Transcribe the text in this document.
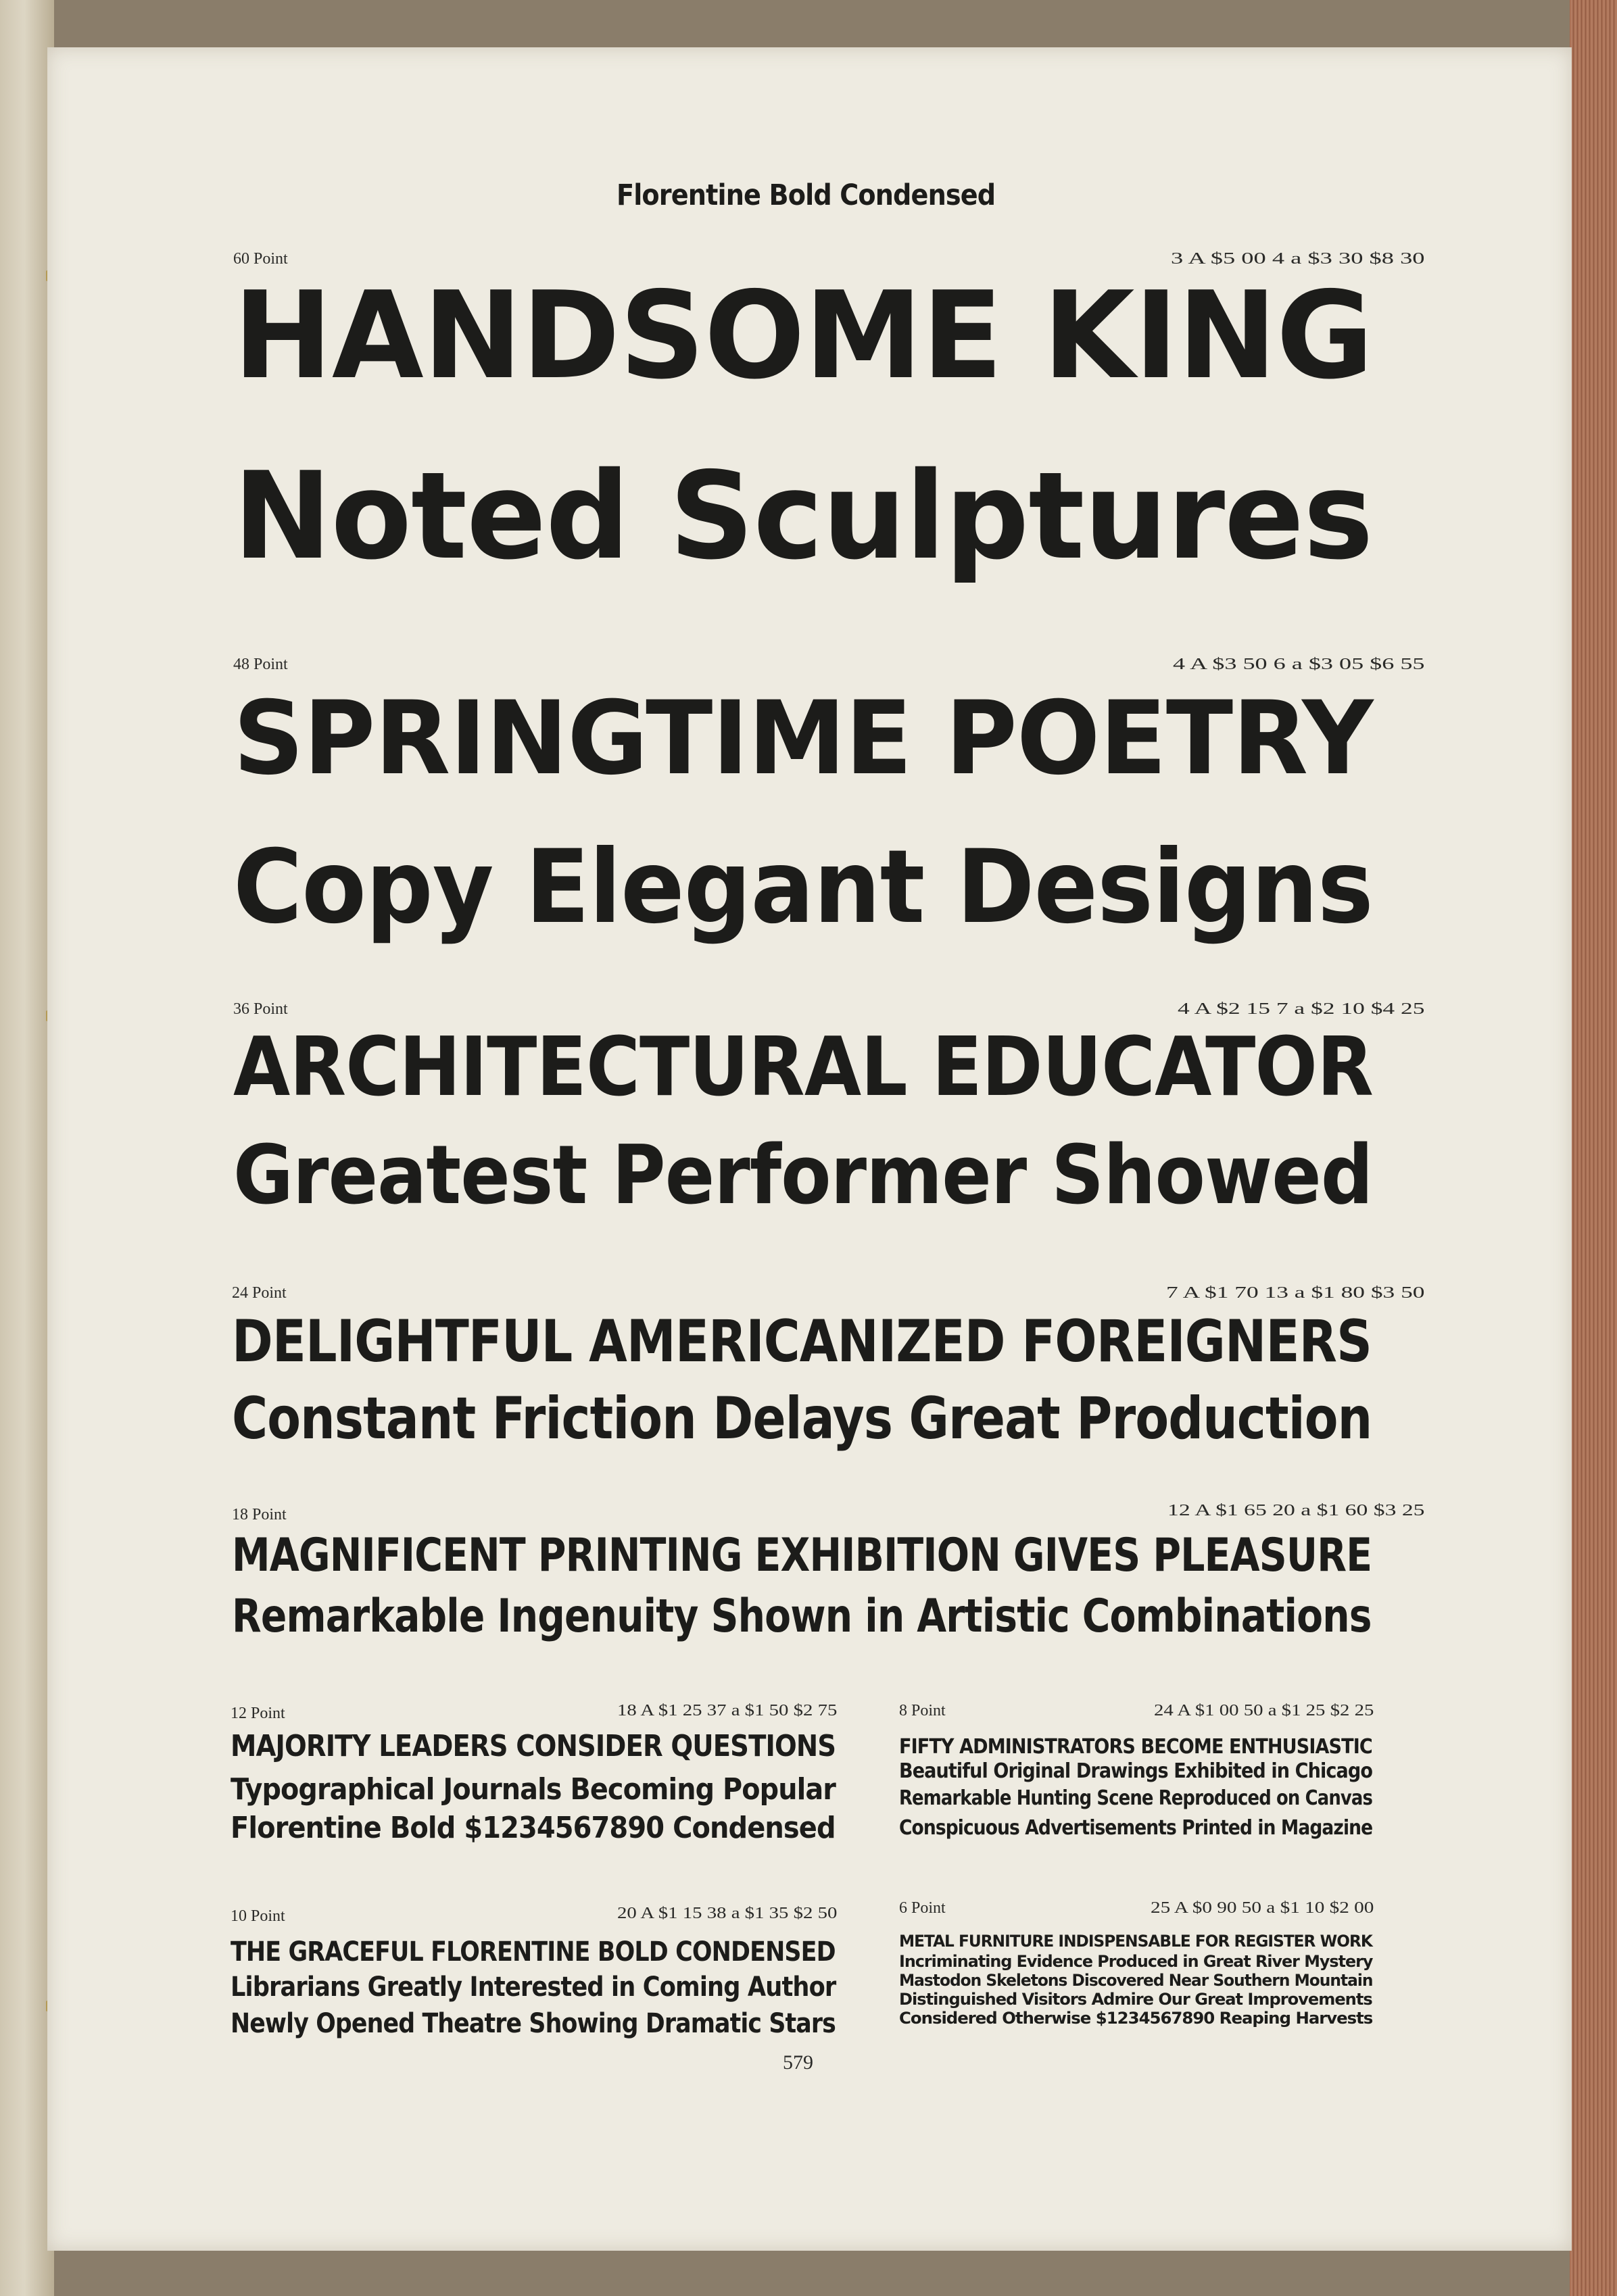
Florentine Bold Condensed
60 Point	3 A $5 00 4 a $3 30 $8 30
HANDSOME KING
Noted Sculptures
48 Point	4 A $3 50 6 a $3 05 $6 55
SPRINGTIME POETRY
Copy Elegant Designs
36 Point	4 A $2 15 7 a $2 10 $4 25
ARCHITECTURAL EDUCATOR
Greatest Performer Showed
24 Point	7 A $1 70 13 a $1 80 $3 50
DELIGHTFUL AMERICANIZED FOREIGNERS
Constant Friction Delays Great Production
18 Point	12 A $1 65 20 a $1 60 $3 25
MAGNIFICENT PRINTING EXHIBITION GIVES PLEASURE
Remarkable Ingenuity Shown in Artistic Combinations
12 Point	18 A $1 25 37 a $1 50 $2 75
MAJORITY LEADERS CONSIDER QUESTIONS
Typographical Journals Becoming Popular
Florentine Bold $1234567890 Condensed
8 Point	24 A $1 00 50 a $1 25 $2 25
FIFTY ADMINISTRATORS BECOME ENTHUSIASTIC
Beautiful Original Drawings Exhibited in Chicago
Remarkable Hunting Scene Reproduced on Canvas
Conspicuous Advertisements Printed in Magazine
10 Point	20 A $1 15 38 a $1 35 $2 50
THE GRACEFUL FLORENTINE BOLD CONDENSED
Librarians Greatly Interested in Coming Author
Newly Opened Theatre Showing Dramatic Stars
6 Point	25 A $0 90 50 a $1 10 $2 00
METAL FURNITURE INDISPENSABLE FOR REGISTER WORK
Incriminating Evidence Produced in Great River Mystery
Mastodon Skeletons Discovered Near Southern Mountain
Distinguished Visitors Admire Our Great Improvements
Considered Otherwise $1234567890 Reaping Harvests
579
